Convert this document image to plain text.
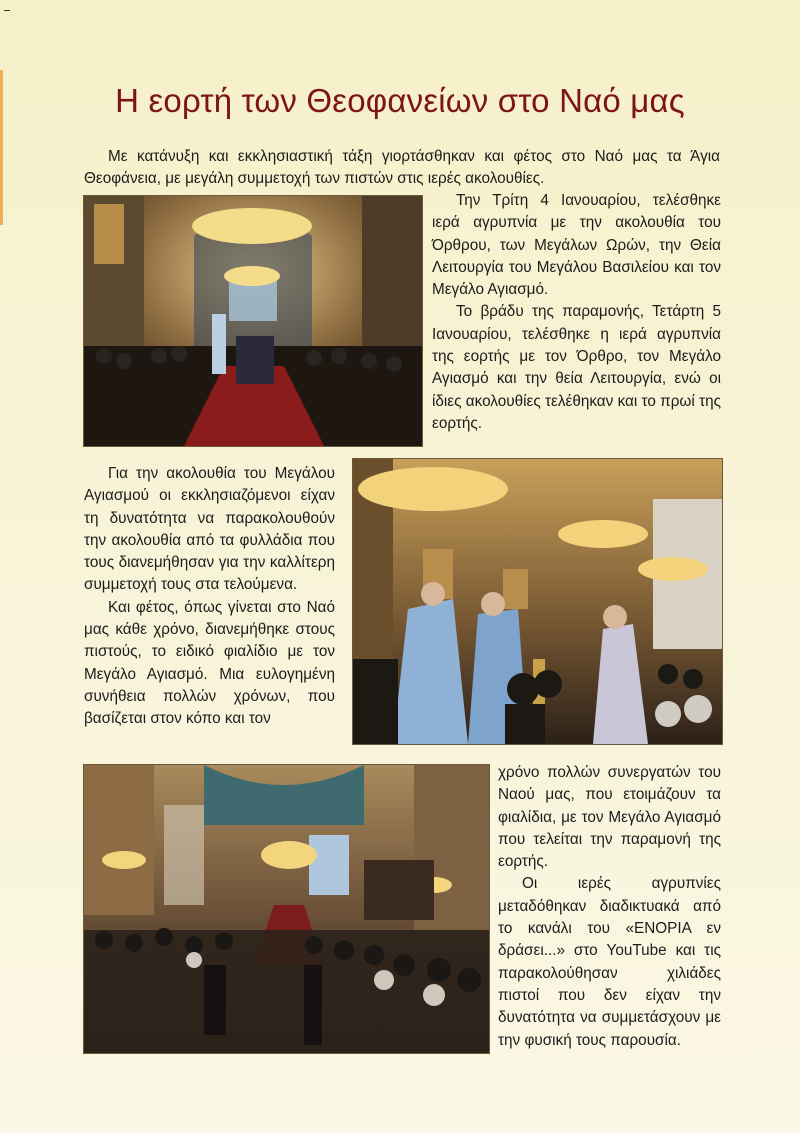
Η εορτή των Θεοφανείων στο Ναό μας

Με κατάνυξη και εκκλησιαστική τάξη γιορτάσθηκαν και φέτος στο Ναό μας τα Άγια Θεοφάνεια, με μεγάλη συμμετοχή των πιστών στις ιερές ακολουθίες.

Την Τρίτη 4 Ιανουαρίου, τελέσθηκε ιερά αγρυπνία με την ακολουθία του Όρθρου, των Μεγάλων Ωρών, την Θεία Λειτουργία του Μεγάλου Βασιλείου και τον Μεγάλο Αγιασμό.

Το βράδυ της παραμονής, Τετάρτη 5 Ιανουαρίου, τελέσθηκε η ιερά αγρυπνία της εορτής με τον Όρθρο, τον Μεγάλο Αγιασμό και την θεία Λειτουργία, ενώ οι ίδιες ακολουθίες τελέθηκαν και το πρωί της εορτής.

Για την ακολουθία του Μεγάλου Αγιασμού οι εκκλησιαζόμενοι είχαν τη δυνατότητα να παρακολουθούν την ακολουθία από τα φυλλάδια που τους διανεμήθησαν για την καλλίτερη συμμετοχή τους στα τελούμενα.

Και φέτος, όπως γίνεται στο Ναό μας κάθε χρόνο, διανεμήθηκε στους πιστούς, το ειδικό φιαλίδιο με τον Μεγάλο Αγιασμό. Μια ευλογημένη συνήθεια πολλών χρόνων, που βασίζεται στον κόπο και τον

χρόνο πολλών συνεργατών του Ναού μας, που ετοιμάζουν τα φιαλίδια, με τον Μεγάλο Αγιασμό που τελείται την παραμονή της εορτής.

Οι ιερές αγρυπνίες μεταδόθηκαν διαδικτυακά από το κανάλι του «ΕΝΟΡΙΑ εν δράσει...» στο YouTube και τις παρακολούθησαν χιλιάδες πιστοί που δεν είχαν την δυνατότητα να συμμετάσχουν με την φυσική τους παρουσία.
